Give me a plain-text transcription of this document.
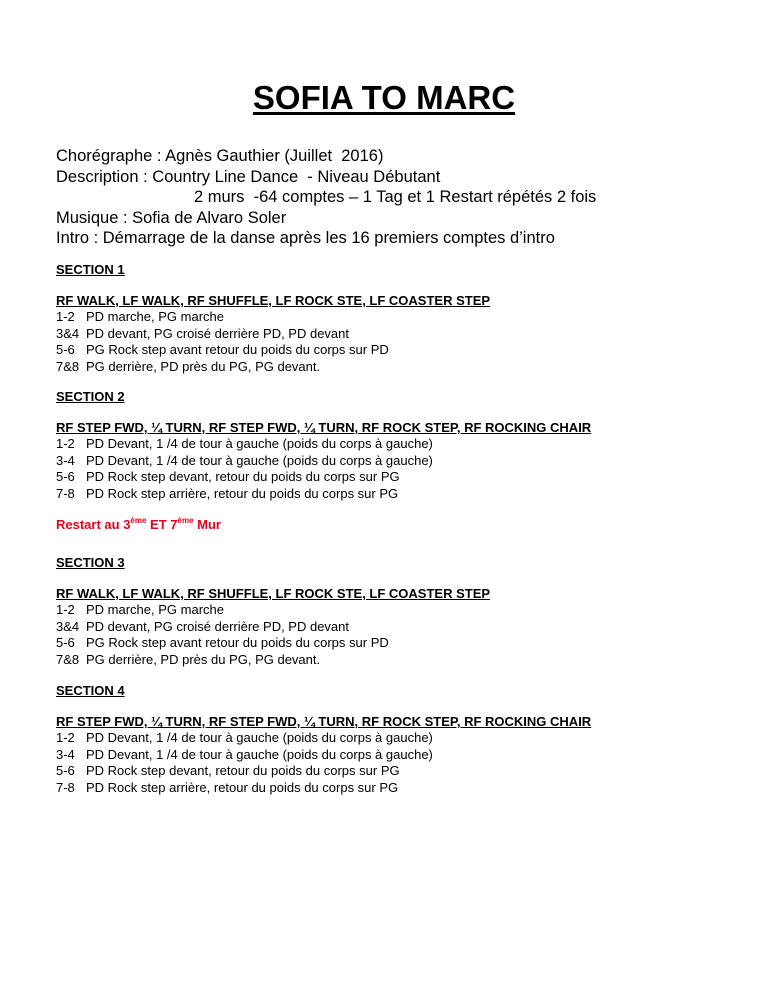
SOFIA TO MARC
Chorégraphe : Agnès Gauthier (Juillet  2016)
Description : Country Line Dance  - Niveau Débutant
2 murs  -64 comptes – 1 Tag et 1 Restart répétés 2 fois
Musique : Sofia de Alvaro Soler
Intro : Démarrage de la danse après les 16 premiers comptes d’intro
SECTION 1
RF WALK, LF WALK, RF SHUFFLE, LF ROCK STE, LF COASTER STEP
1-2 PD marche, PG marche
3&4 PD devant, PG croisé derrière PD, PD devant
5-6 PG Rock step avant retour du poids du corps sur PD
7&8 PG derrière, PD près du PG, PG devant.
SECTION 2
RF STEP FWD, ¼ TURN, RF STEP FWD, ¼ TURN, RF ROCK STEP, RF ROCKING CHAIR
1-2 PD Devant, 1 /4 de tour à gauche (poids du corps à gauche)
3-4 PD Devant, 1 /4 de tour à gauche (poids du corps à gauche)
5-6 PD Rock step devant, retour du poids du corps sur PG
7-8 PD Rock step arrière, retour du poids du corps sur PG
Restart au 3ème ET 7ème Mur
SECTION 3
RF WALK, LF WALK, RF SHUFFLE, LF ROCK STE, LF COASTER STEP
1-2 PD marche, PG marche
3&4 PD devant, PG croisé derrière PD, PD devant
5-6 PG Rock step avant retour du poids du corps sur PD
7&8 PG derrière, PD près du PG, PG devant.
SECTION 4
RF STEP FWD, ¼ TURN, RF STEP FWD, ¼ TURN, RF ROCK STEP, RF ROCKING CHAIR
1-2 PD Devant, 1 /4 de tour à gauche (poids du corps à gauche)
3-4 PD Devant, 1 /4 de tour à gauche (poids du corps à gauche)
5-6 PD Rock step devant, retour du poids du corps sur PG
7-8 PD Rock step arrière, retour du poids du corps sur PG
